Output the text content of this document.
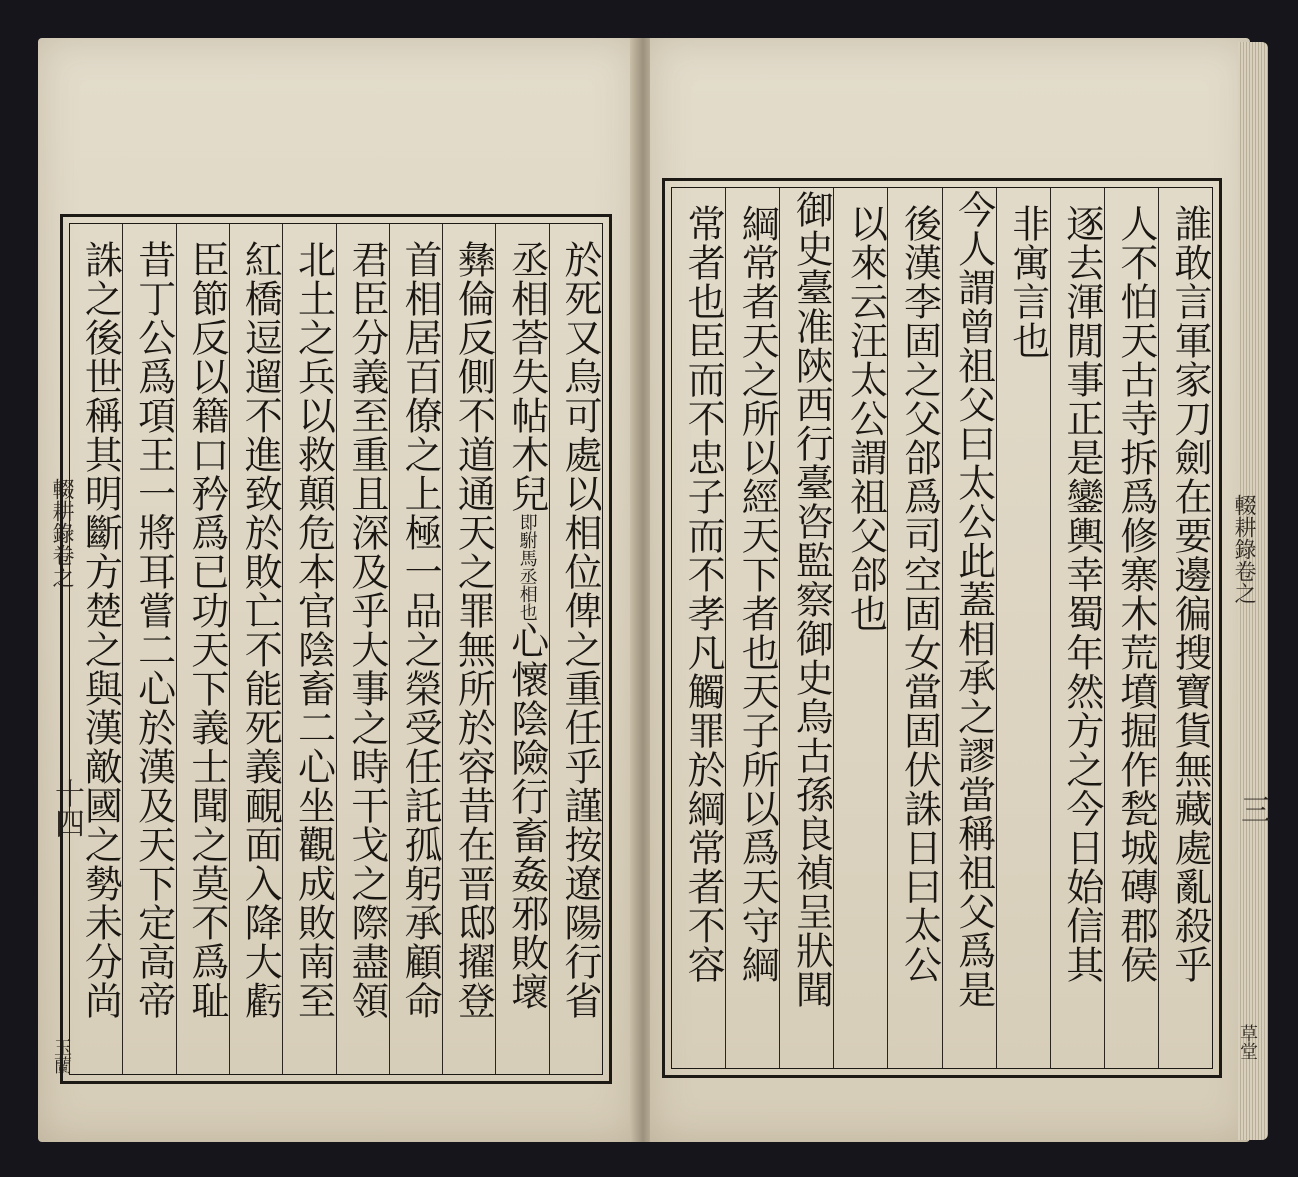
輟耕錄卷之
十四
玉蘭
於死又烏可處以相位俾之重任乎謹按遼陽行省
丞相荅失帖木兒即駙馬丞相也心懷陰險行畜姦邪敗壞
彝倫反側不道通天之罪無所於容昔在晋邸擢登
首相居百僚之上極一品之榮受任託孤躬承顧命
君臣分義至重且深及乎大事之時干戈之際盡領
北土之兵以救顛危本官陰畜二心坐觀成敗南至
紅橋逗遛不進致於敗亡不能死義靦面入降大虧
臣節反以籍口矜爲已功天下義士聞之莫不爲耻
昔丁公爲項王一將耳嘗二心於漢及天下定高帝
誅之後世稱其明斷方楚之與漢敵國之勢未分尚	誰敢言軍家刀劍在要邊徧搜寶貨無藏處亂殺乎
人不怕天古寺拆爲修寨木荒墳掘作甃城磚郡侯
逐去渾閒事正是鑾輿幸蜀年然方之今日始信其
非寓言也
今人謂曾祖父曰太公此蓋相承之謬當稱祖父爲是
後漢李固之父郃爲司空固女當固伏誅日曰太公
以來云汪太公謂祖父郃也
御史臺准陝西行臺咨監察御史烏古孫良禎呈狀聞
綱常者天之所以經天下者也天子所以爲天守綱
常者也臣而不忠子而不孝凡觸罪於綱常者不容	輟耕錄卷之
三
草堂
